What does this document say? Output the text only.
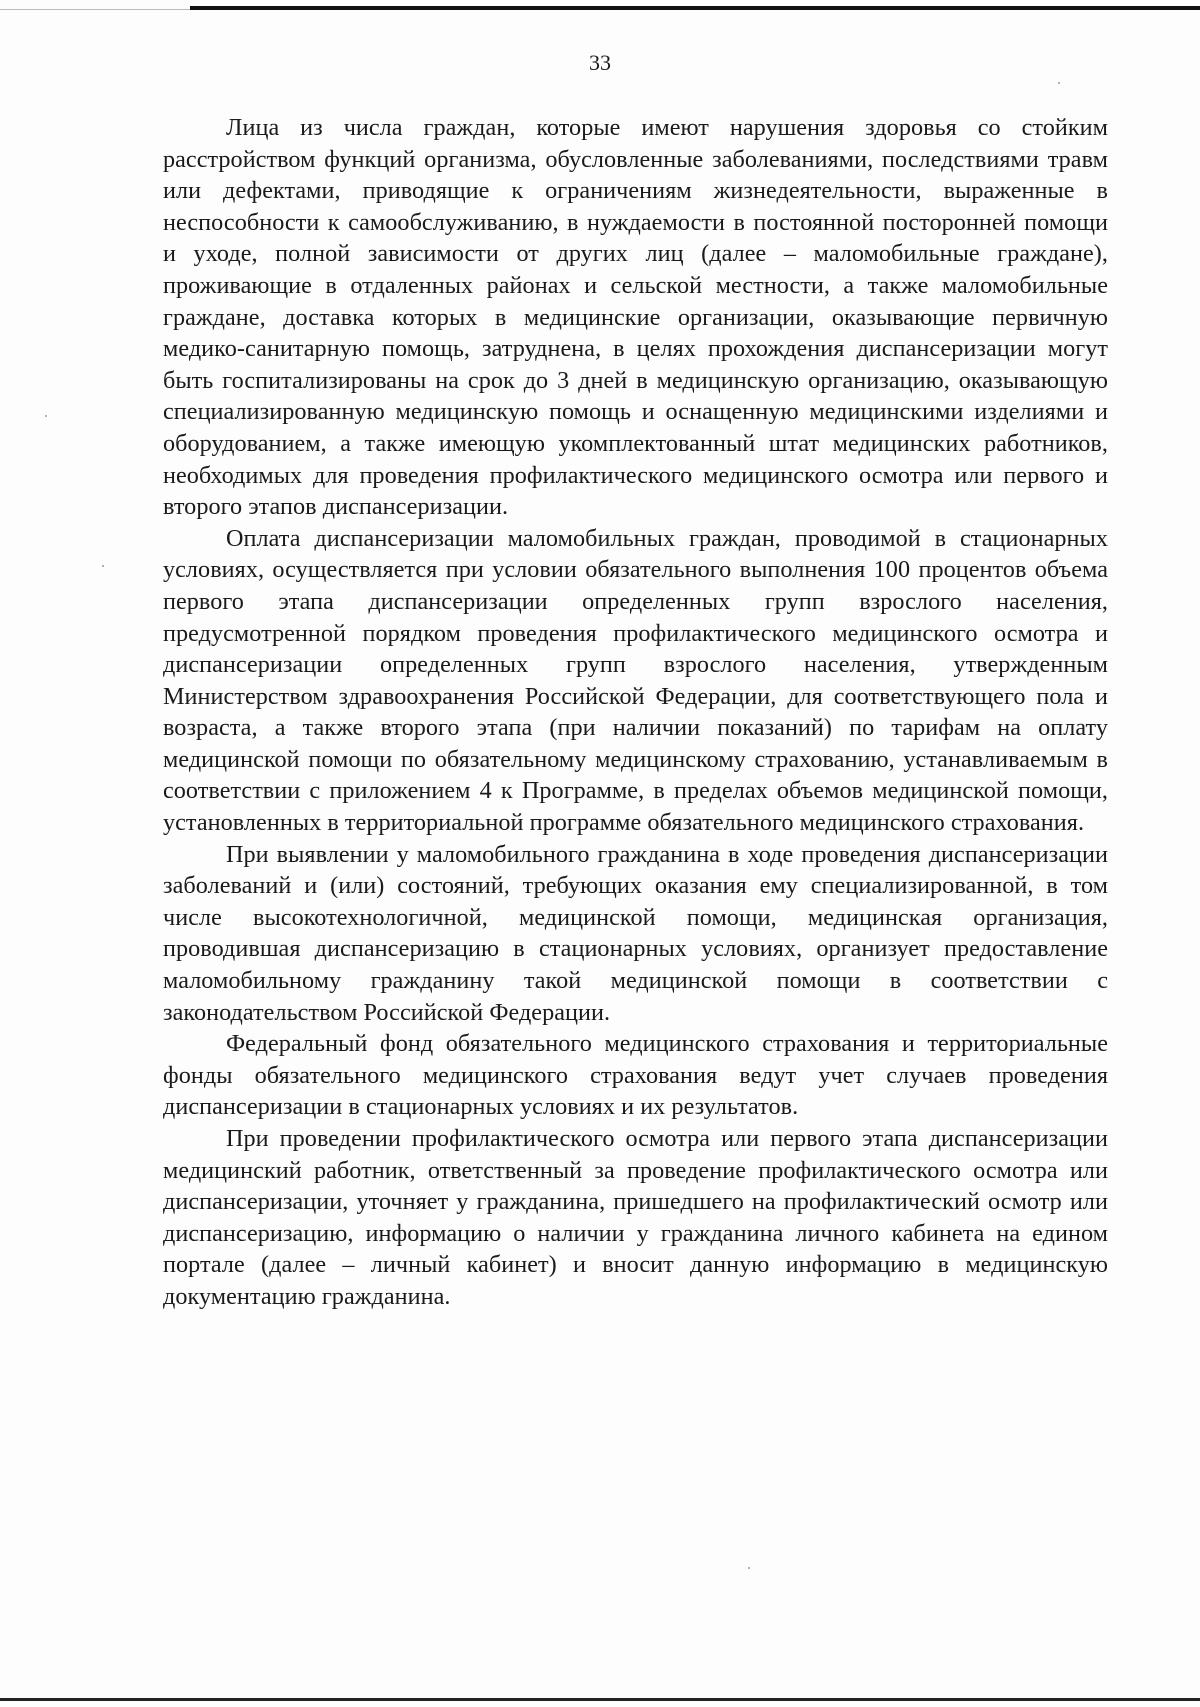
33

Лица из числа граждан, которые имеют нарушения здоровья со стойким расстройством функций организма, обусловленные заболеваниями, последствиями травм или дефектами, приводящие к ограничениям жизнедеятельности, выраженные в неспособности к самообслуживанию, в нуждаемости в постоянной посторонней помощи и уходе, полной зависимости от других лиц (далее – маломобильные граждане), проживающие в отдаленных районах и сельской местности, а также маломобильные граждане, доставка которых в медицинские организации, оказывающие первичную медико-санитарную помощь, затруднена, в целях прохождения диспансеризации могут быть госпитализированы на срок до 3 дней в медицинскую организацию, оказывающую специализированную медицинскую помощь и оснащенную медицинскими изделиями и оборудованием, а также имеющую укомплектованный штат медицинских работников, необходимых для проведения профилактического медицинского осмотра или первого и второго этапов диспансеризации.

Оплата диспансеризации маломобильных граждан, проводимой в стационарных условиях, осуществляется при условии обязательного выполнения 100 процентов объема первого этапа диспансеризации определенных групп взрослого населения, предусмотренной порядком проведения профилактического медицинского осмотра и диспансеризации определенных групп взрослого населения, утвержденным Министерством здравоохранения Российской Федерации, для соответствующего пола и возраста, а также второго этапа (при наличии показаний) по тарифам на оплату медицинской помощи по обязательному медицинскому страхованию, устанавливаемым в соответствии с приложением 4 к Программе, в пределах объемов медицинской помощи, установленных в территориальной программе обязательного медицинского страхования.

При выявлении у маломобильного гражданина в ходе проведения диспансеризации заболеваний и (или) состояний, требующих оказания ему специализированной, в том числе высокотехнологичной, медицинской помощи, медицинская организация, проводившая диспансеризацию в стационарных условиях, организует предоставление маломобильному гражданину такой медицинской помощи в соответствии с законодательством Российской Федерации.

Федеральный фонд обязательного медицинского страхования и территориальные фонды обязательного медицинского страхования ведут учет случаев проведения диспансеризации в стационарных условиях и их результатов.

При проведении профилактического осмотра или первого этапа диспансеризации медицинский работник, ответственный за проведение профилактического осмотра или диспансеризации, уточняет у гражданина, пришедшего на профилактический осмотр или диспансеризацию, информацию о наличии у гражданина личного кабинета на едином портале (далее – личный кабинет) и вносит данную информацию в медицинскую документацию гражданина.
